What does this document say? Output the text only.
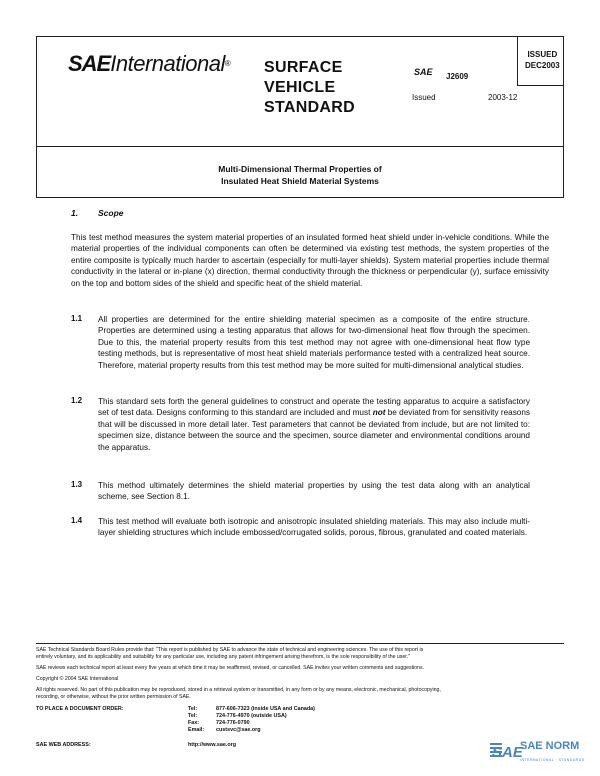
SAEInternational® SURFACE
VEHICLE
STANDARD
SAE J2609
ISSUED
DEC2003
Issued	2003-12
Multi-Dimensional Thermal Properties of
Insulated Heat Shield Material Systems
1. Scope
This test method measures the system material properties of an insulated formed heat shield under in-vehicle conditions. While the material properties of the individual components can often be determined via existing test methods, the system properties of the entire composite is typically much harder to ascertain (especially for multi-layer shields). System material properties include thermal conductivity in the lateral or in-plane (x) direction, thermal conductivity through the thickness or perpendicular (y), surface emissivity on the top and bottom sides of the shield and specific heat of the shield material.
1.1 All properties are determined for the entire shielding material specimen as a composite of the entire structure. Properties are determined using a testing apparatus that allows for two-dimensional heat flow through the specimen. Due to this, the material property results from this test method may not agree with one-dimensional heat flow type testing methods, but is representative of most heat shield materials performance tested with a centralized heat source. Therefore, material property results from this test method may be more suited for multi-dimensional analytical studies.
1.2 This standard sets forth the general guidelines to construct and operate the testing apparatus to acquire a satisfactory set of test data. Designs conforming to this standard are included and must not be deviated from for sensitivity reasons that will be discussed in more detail later. Test parameters that cannot be deviated from include, but are not limited to: specimen size, distance between the source and the specimen, source diameter and environmental conditions around the apparatus.
1.3 This method ultimately determines the shield material properties by using the test data along with an analytical scheme, see Section 8.1.
1.4 This test method will evaluate both isotropic and anisotropic insulated shielding materials. This may also include multi-layer shielding structures which include embossed/corrugated solids, porous, fibrous, granulated and coated materials.
SAE Technical Standards Board Rules provide that: "This report is published by SAE to advance the state of technical and engineering sciences. The use of this report is
entirely voluntary, and its applicability and suitability for any particular use, including any patent infringement arising therefrom, is the sole responsibility of the user."
SAE reviews each technical report at least every five years at which time it may be reaffirmed, revised, or cancelled. SAE invites your written comments and suggestions.
Copyright © 2004 SAE International
All rights reserved. No part of this publication may be reproduced, stored in a retrieval system or transmitted, in any form or by any means, electronic, mechanical, photocopying,
recording, or otherwise, without the prior written permission of SAE.
TO PLACE A DOCUMENT ORDER:	Tel:	877-606-7323 (inside USA and Canada)
Tel:	724-776-4970 (outside USA)
Fax:	724-776-0790
Email: custsvc@sae.org
SAE WEB ADDRESS:	http://www.sae.org	SAE
SAE NORM
INTERNATIONAL · STANDARDS
